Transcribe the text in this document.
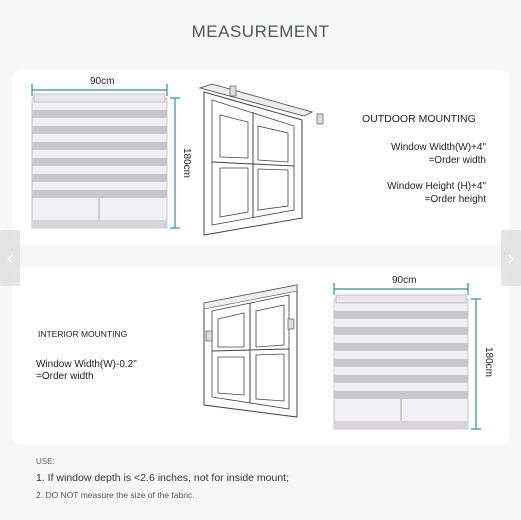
MEASUREMENT
90cm
180cm
OUTDOOR MOUNTING
Window Width(W)+4"
=Order width
Window Height (H)+4"
=Order height
INTERIOR MOUNTING
Window Width(W)-0.2"
=Order width
90cm
180cm
‹	›
USE:
1. If window depth is <2.6 inches, not for inside mount;
2. DO NOT measure the size of the fabric.
